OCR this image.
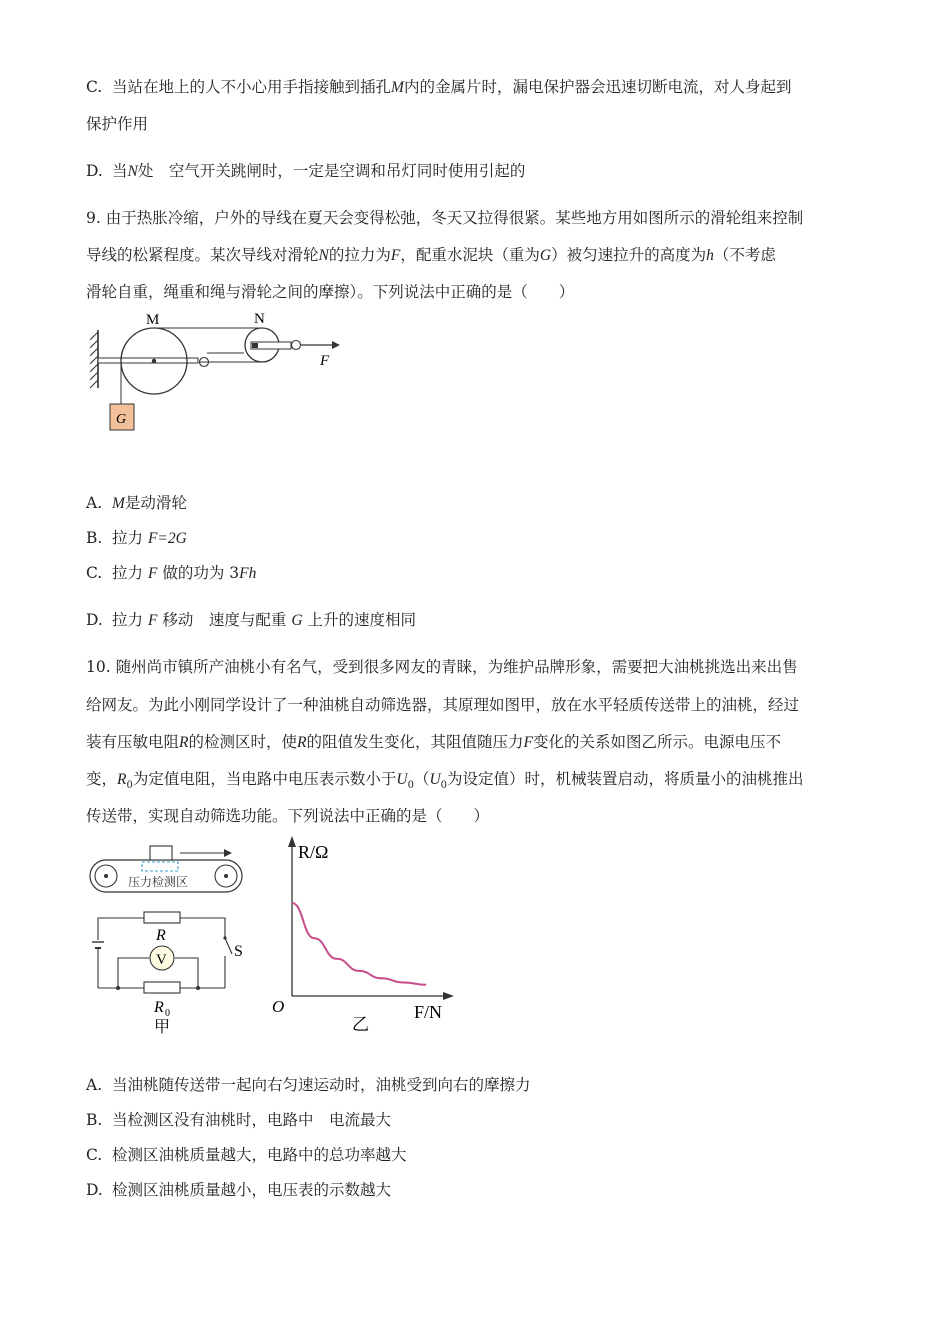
C. 当站在地上的人不小心用手指接触到插孔M内的金属片时，漏电保护器会迅速切断电流，对人身起到
保护作用
D. 当N处　空气开关跳闸时，一定是空调和吊灯同时使用引起的
9. 由于热胀冷缩，户外的导线在夏天会变得松弛，冬天又拉得很紧。某些地方用如图所示的滑轮组来控制
导线的松紧程度。某次导线对滑轮N的拉力为F，配重水泥块（重为G）被匀速拉升的高度为h（不考虑
滑轮自重，绳重和绳与滑轮之间的摩擦）。下列说法中正确的是（　　）
M	N
F
G
A. M是动滑轮
B. 拉力 F=2G
C. 拉力 F 做的功为 3Fh
D. 拉力 F 移动　速度与配重 G 上升的速度相同
10. 随州尚市镇所产油桃小有名气，受到很多网友的青睐，为维护品牌形象，需要把大油桃挑选出来出售
给网友。为此小刚同学设计了一种油桃自动筛选器，其原理如图甲，放在水平轻质传送带上的油桃，经过
装有压敏电阻R的检测区时，使R的阻值发生变化，其阻值随压力F变化的关系如图乙所示。电源电压不
变，$R_0$为定值电阻，当电路中电压表示数小于$U_0(U_0$为设定值）时，机械装置启动，将质量小的油桃推出
传送带，实现自动筛选功能。下列说法中正确的是（　　）
压力检测区
R
V	S
R 0
甲
R/Ω
O	F/N
乙
A. 当油桃随传送带一起向右匀速运动时，油桃受到向右的摩擦力
B. 当检测区没有油桃时，电路中　电流最大
C. 检测区油桃质量越大，电路中的总功率越大
D. 检测区油桃质量越小，电压表的示数越大
